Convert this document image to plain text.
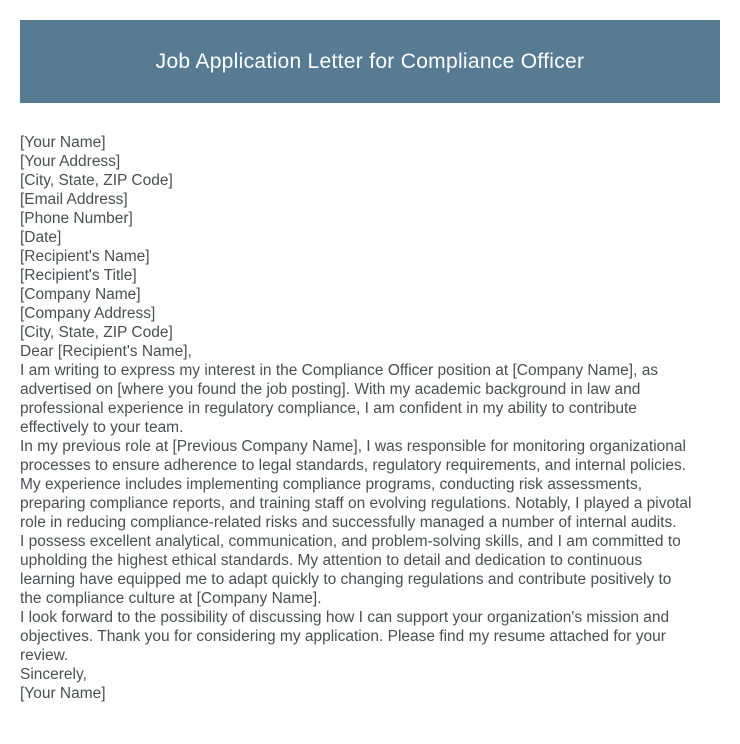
Job Application Letter for Compliance Officer
[Your Name]
[Your Address]
[City, State, ZIP Code]
[Email Address]
[Phone Number]
[Date]
[Recipient's Name]
[Recipient's Title]
[Company Name]
[Company Address]
[City, State, ZIP Code]
Dear [Recipient's Name],
I am writing to express my interest in the Compliance Officer position at [Company Name], as
advertised on [where you found the job posting]. With my academic background in law and
professional experience in regulatory compliance, I am confident in my ability to contribute
effectively to your team.
In my previous role at [Previous Company Name], I was responsible for monitoring organizational
processes to ensure adherence to legal standards, regulatory requirements, and internal policies.
My experience includes implementing compliance programs, conducting risk assessments,
preparing compliance reports, and training staff on evolving regulations. Notably, I played a pivotal
role in reducing compliance-related risks and successfully managed a number of internal audits.
I possess excellent analytical, communication, and problem-solving skills, and I am committed to
upholding the highest ethical standards. My attention to detail and dedication to continuous
learning have equipped me to adapt quickly to changing regulations and contribute positively to
the compliance culture at [Company Name].
I look forward to the possibility of discussing how I can support your organization's mission and
objectives. Thank you for considering my application. Please find my resume attached for your
review.
Sincerely,
[Your Name]
